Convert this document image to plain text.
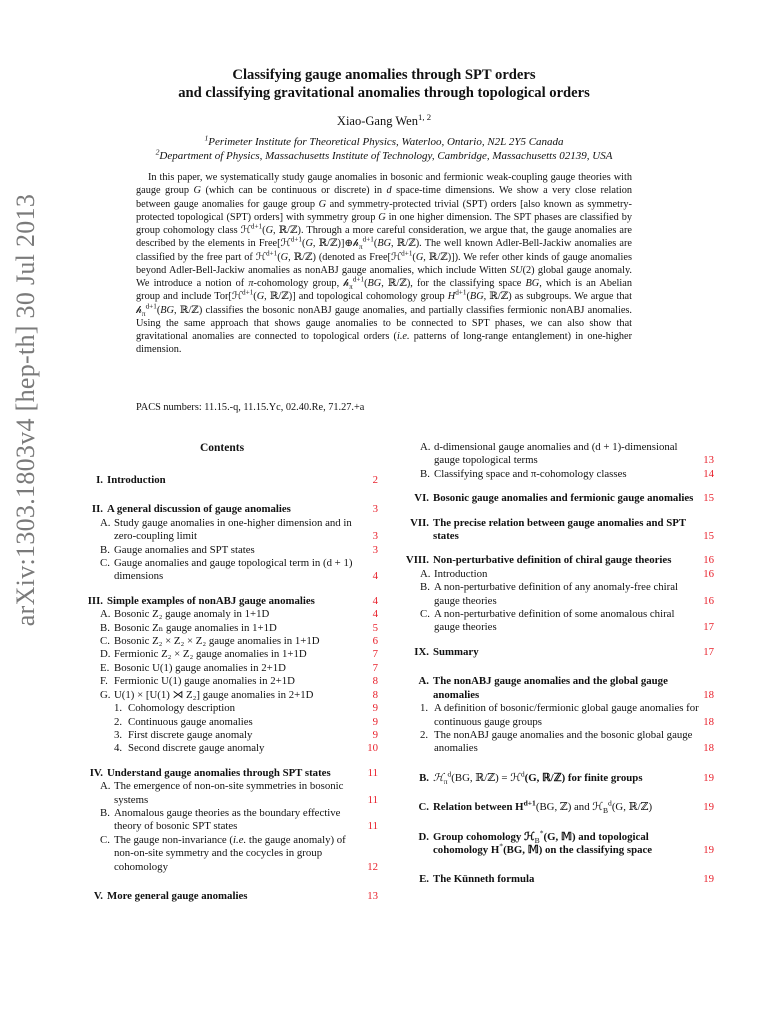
arXiv:1303.1803v4 [hep-th] 30 Jul 2013
Classifying gauge anomalies through SPT orders
and classifying gravitational anomalies through topological orders
Xiao-Gang Wen$^{1, 2}$
$^1$Perimeter Institute for Theoretical Physics, Waterloo, Ontario, N2L 2Y5 Canada
$^2$Department of Physics, Massachusetts Institute of Technology, Cambridge, Massachusetts 02139, USA

In this paper, we systematically study gauge anomalies in bosonic and fermionic weak-coupling gauge theories with gauge group G (which can be continuous or discrete) in d space-time dimensions. We show a very close relation between gauge anomalies for gauge group G and symmetry-protected trivial (SPT) orders [also known as symmetry-protected topological (SPT) orders] with symmetry group G in one higher dimension. The SPT phases are classified by group cohomology class ℋ$^{d+1}$(G, ℝ/ℤ). Through a more careful consideration, we argue that, the gauge anomalies are described by the elements in Free[ℋ$^{d+1}$(G, ℝ/ℤ)]⊕𝒽$_\pi^{d+1}$(BG, ℝ/ℤ). The well known Adler-Bell-Jackiw anomalies are classified by the free part of ℋ$^{d+1}$(G, ℝ/ℤ) (denoted as Free[ℋ$^{d+1}$(G, ℝ/ℤ)]). We refer other kinds of gauge anomalies beyond Adler-Bell-Jackiw anomalies as nonABJ gauge anomalies, which include Witten SU(2) global gauge anomaly. We introduce a notion of π-cohomology group, 𝒽$_\pi^{d+1}$(BG, ℝ/ℤ), for the classifying space BG, which is an Abelian group and include Tor[ℋ$^{d+1}$(G, ℝ/ℤ)] and topological cohomology group $H^{d+1}(BG$, ℝ/ℤ) as subgroups. We argue that 𝒽$_\pi^{d+1}$(BG, ℝ/ℤ) classifies the bosonic nonABJ gauge anomalies, and partially classifies fermionic nonABJ anomalies. Using the same approach that shows gauge anomalies to be connected to SPT phases, we can also show that gravitational anomalies are connected to topological orders (i.e. patterns of long-range entanglement) in one-higher dimension.

PACS numbers: 11.15.-q, 11.15.Yc, 02.40.Re, 71.27.+a
Contents
I. Introduction	2
II. A general discussion of gauge anomalies	3
A. Study gauge anomalies in one-higher dimension and in zero-coupling limit	3
B. Gauge anomalies and SPT states	3
C. Gauge anomalies and gauge topological term in (d + 1) dimensions	4
III. Simple examples of nonABJ gauge anomalies	4
A. Bosonic Z₂ gauge anomaly in 1+1D	4
B. Bosonic Zₙ gauge anomalies in 1+1D	5
C. Bosonic Z₂ × Z₂ × Z₂ gauge anomalies in 1+1D	6
D. Fermionic Z₂ × Z₂ gauge anomalies in 1+1D	7
E. Bosonic U(1) gauge anomalies in 2+1D	7
F. Fermionic U(1) gauge anomalies in 2+1D	8
G. U(1) × [U(1) ⋊ Z₂] gauge anomalies in 2+1D	8
1. Cohomology description	9
2. Continuous gauge anomalies	9
3. First discrete gauge anomaly	9
4. Second discrete gauge anomaly	10
IV. Understand gauge anomalies through SPT states	11
A. The emergence of non-on-site symmetries in bosonic systems	11
B. Anomalous gauge theories as the boundary effective theory of bosonic SPT states	11
C. The gauge non-invariance (i.e. the gauge anomaly) of non-on-site symmetry and the cocycles in group cohomology	12
V. More general gauge anomalies	13
A. d-dimensional gauge anomalies and (d + 1)-dimensional gauge topological terms	13
B. Classifying space and π-cohomology classes	14
VI. Bosonic gauge anomalies and fermionic gauge anomalies 15
VII. The precise relation between gauge anomalies and SPT states	15
VIII. Non-perturbative definition of chiral gauge theories	16
A. Introduction	16
B. A non-perturbative definition of any anomaly-free chiral gauge theories	16
C. A non-perturbative definition of some anomalous chiral gauge theories	17
IX. Summary	17
A. The nonABJ gauge anomalies and the global gauge anomalies	18
1. A definition of bosonic/fermionic global gauge anomalies for continuous gauge groups	18
2. The nonABJ gauge anomalies and the bosonic global gauge anomalies	18
B. ℋ$_\pi^d$(BG, ℝ/ℤ) = ℋ$^d$(G, ℝ/ℤ) for finite groups	19
C. Relation between $H^{d+1}(BG$, ℤ) and ℋ$_B^d$(G, ℝ/ℤ)	19
D. Group cohomology ℋ$_B$*(G, 𝕄) and topological cohomology H*(BG, 𝕄) on the classifying space	19
E. The Künneth formula	19
